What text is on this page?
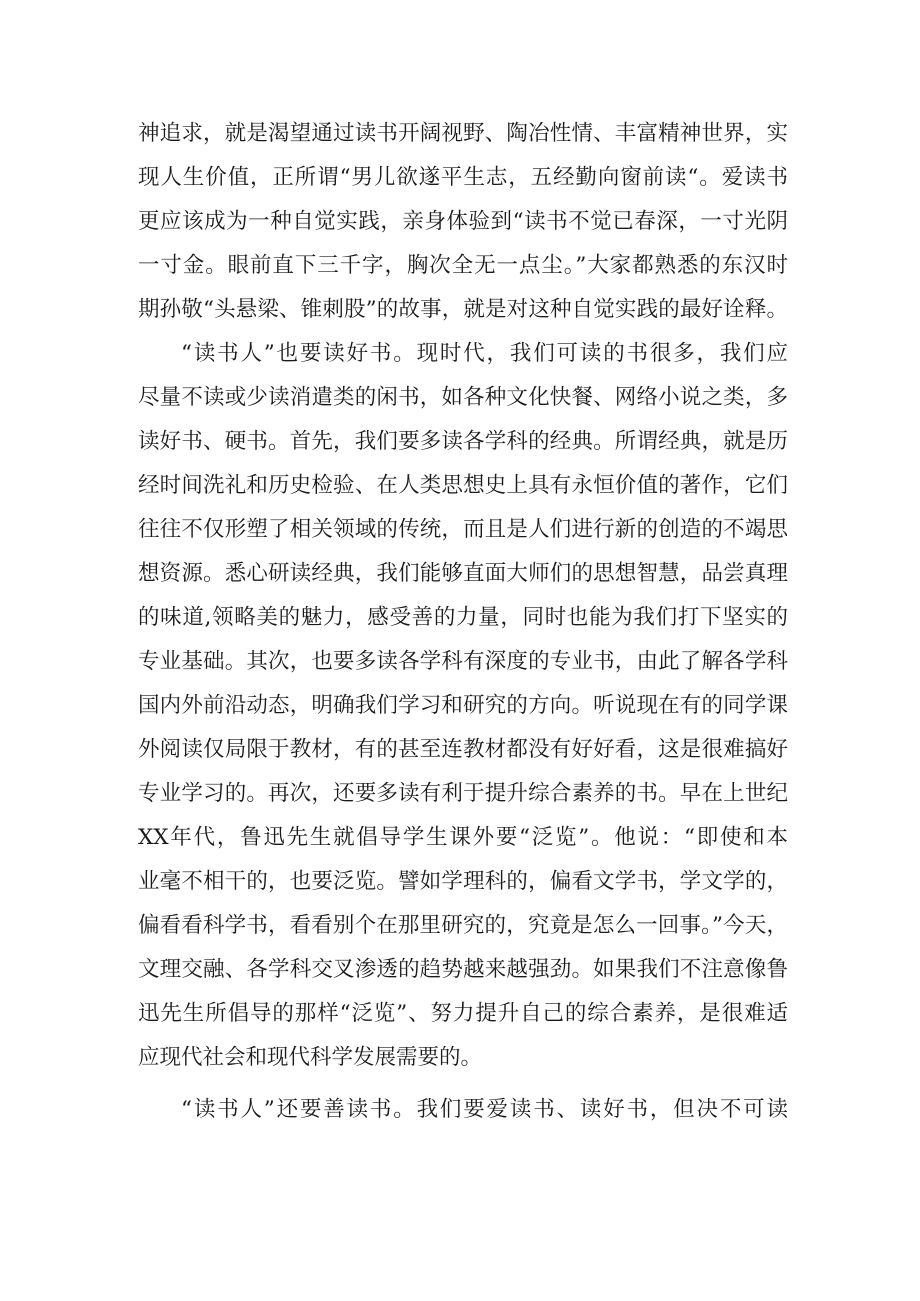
神追求，就是渴望通过读书开阔视野、陶冶性情、丰富精神世界，实
现人生价值，正所谓“男儿欲遂平生志，五经勤向窗前读“。爱读书
更应该成为一种自觉实践，亲身体验到“读书不觉已春深，一寸光阴
一寸金。眼前直下三千字，胸次全无一点尘。”大家都熟悉的东汉时
期孙敬“头悬梁、锥刺股”的故事，就是对这种自觉实践的最好诠释。
“读书人”也要读好书。现时代，我们可读的书很多，我们应
尽量不读或少读消遣类的闲书，如各种文化快餐、网络小说之类，多
读好书、硬书。首先，我们要多读各学科的经典。所谓经典，就是历
经时间洗礼和历史检验、在人类思想史上具有永恒价值的著作，它们
往往不仅形塑了相关领域的传统，而且是人们进行新的创造的不竭思
想资源。悉心研读经典，我们能够直面大师们的思想智慧，品尝真理
的味道,领略美的魅力，感受善的力量，同时也能为我们打下坚实的
专业基础。其次，也要多读各学科有深度的专业书，由此了解各学科
国内外前沿动态，明确我们学习和研究的方向。听说现在有的同学课
外阅读仅局限于教材，有的甚至连教材都没有好好看，这是很难搞好
专业学习的。再次，还要多读有利于提升综合素养的书。早在上世纪
XX年代，鲁迅先生就倡导学生课外要“泛览”。他说：“即使和本
业毫不相干的，也要泛览。譬如学理科的，偏看文学书，学文学的，
偏看看科学书，看看别个在那里研究的，究竟是怎么一回事。”今天，
文理交融、各学科交叉渗透的趋势越来越强劲。如果我们不注意像鲁
迅先生所倡导的那样“泛览”、努力提升自己的综合素养，是很难适
应现代社会和现代科学发展需要的。
“读书人”还要善读书。我们要爱读书、读好书，但决不可读
